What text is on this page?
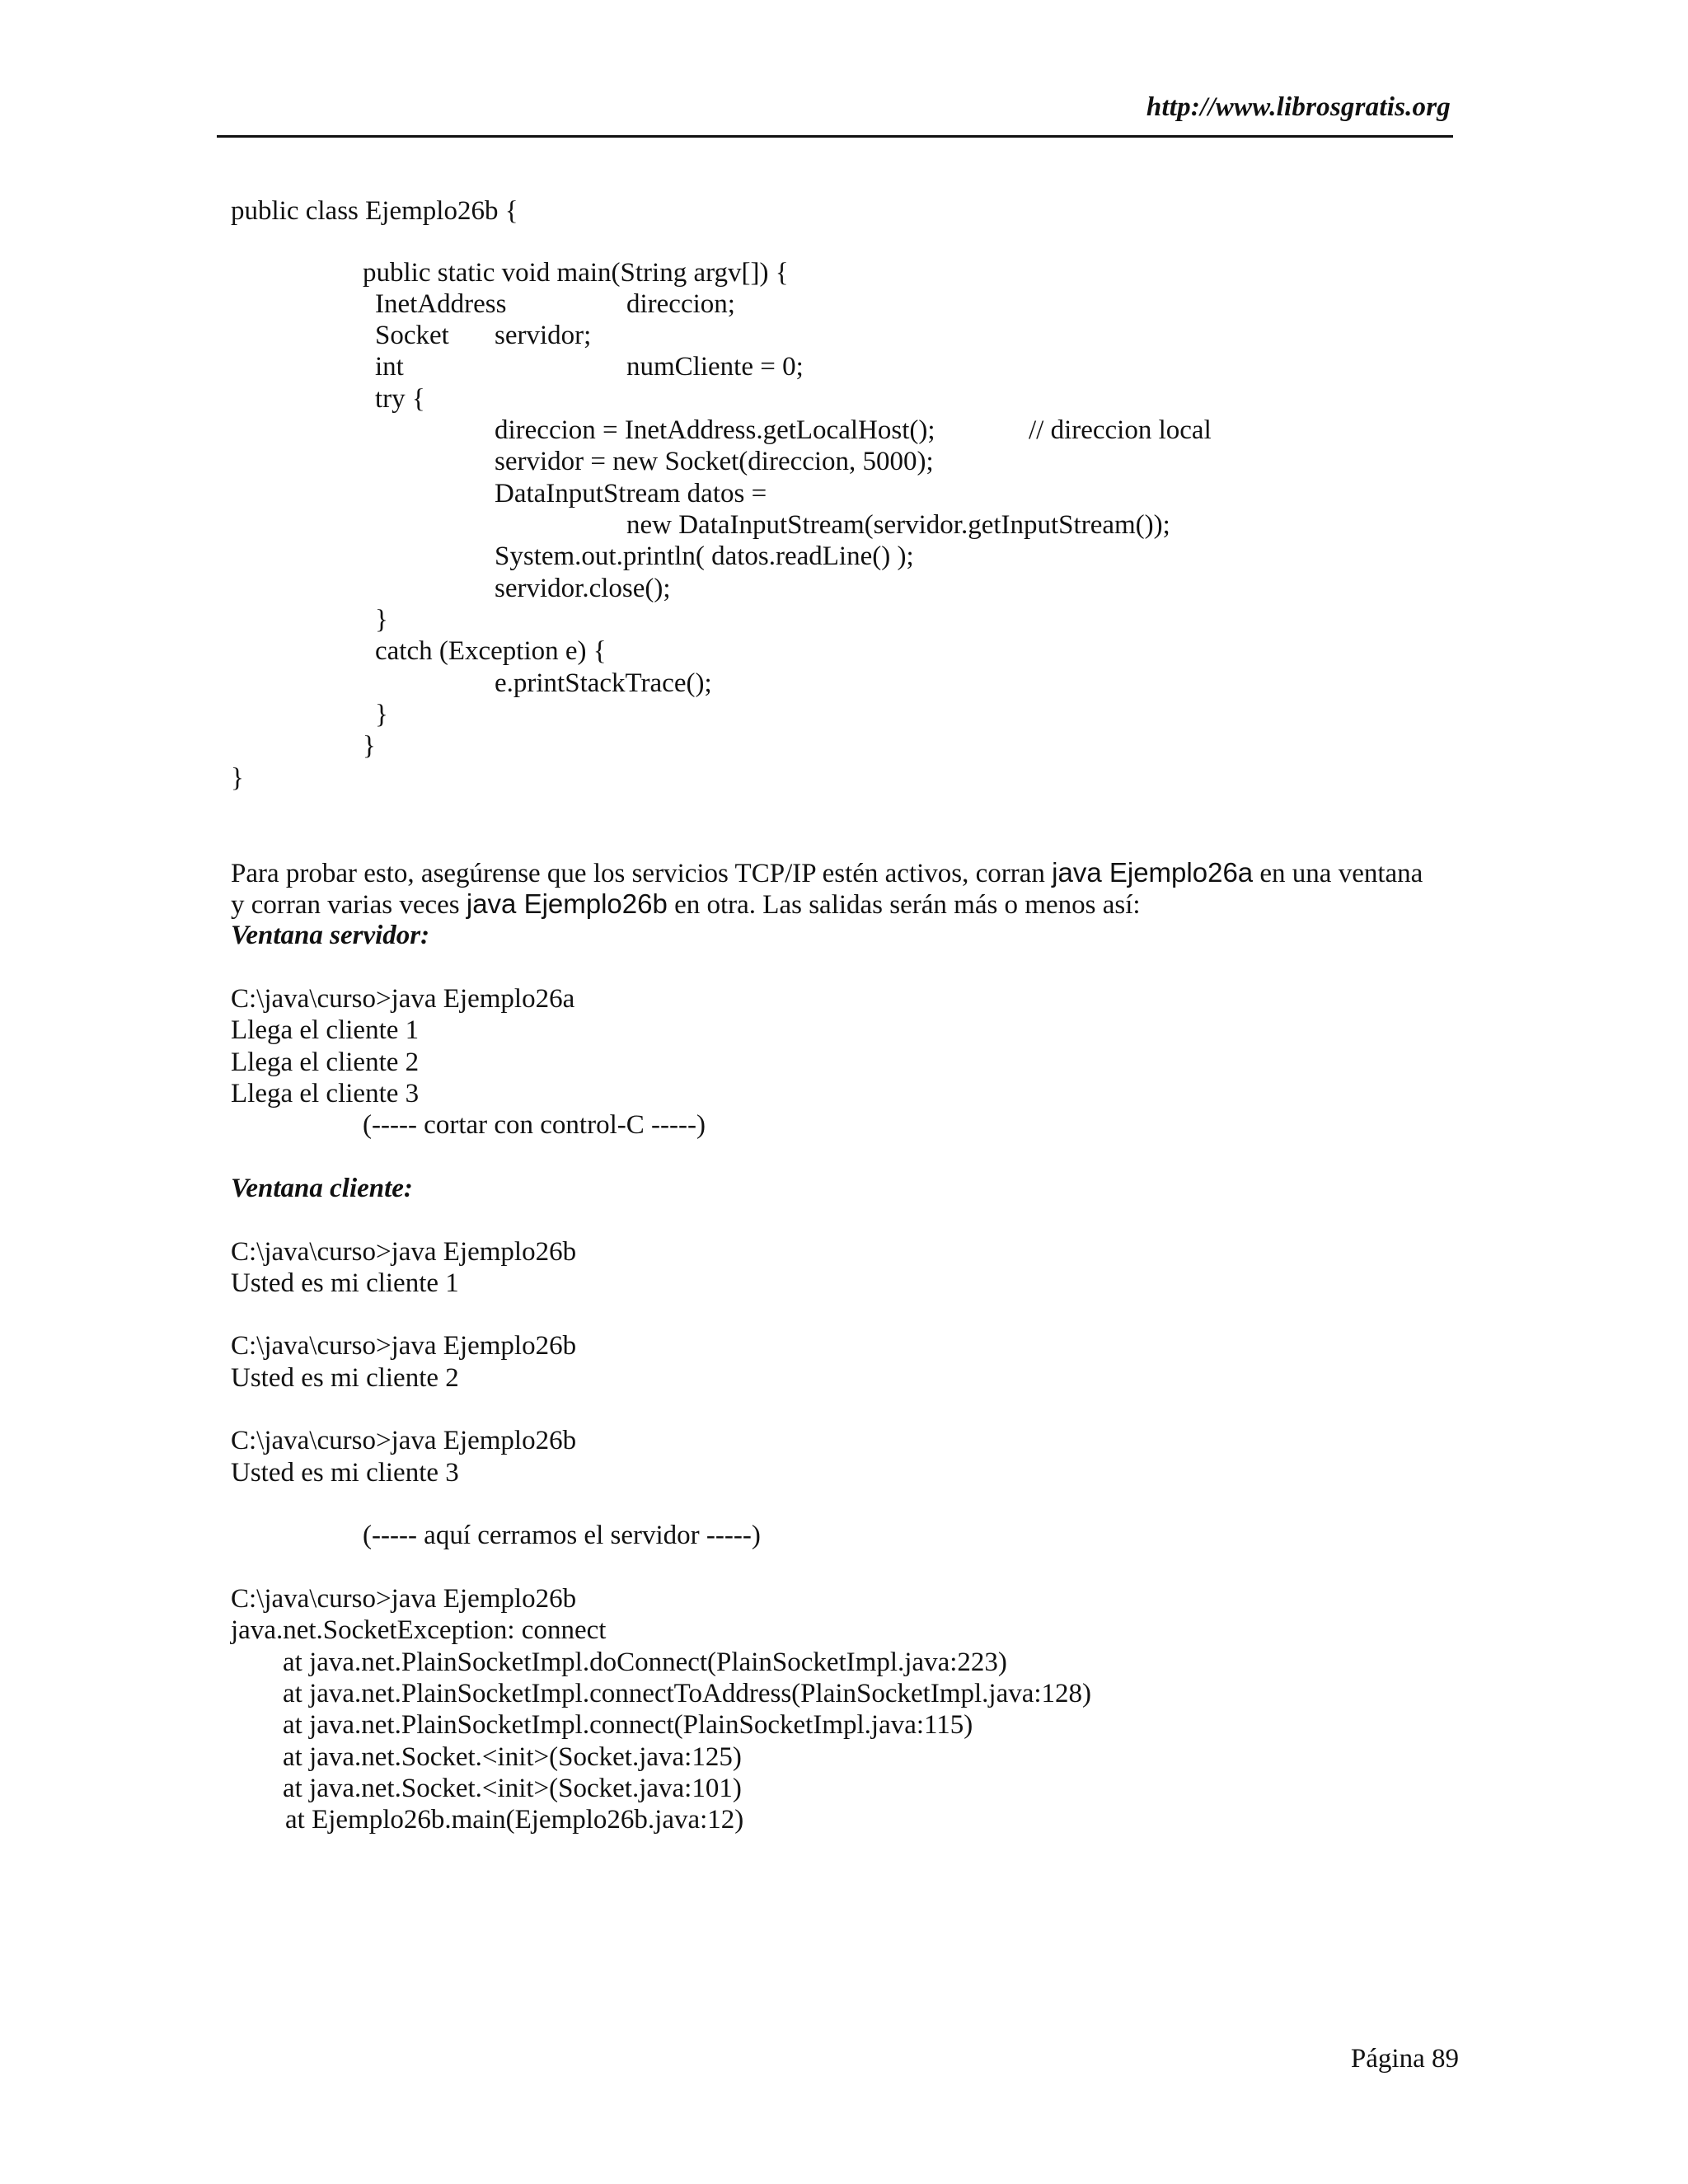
http://www.librosgratis.org
public class Ejemplo26b {
public static void main(String argv[]) {
InetAddress	direccion;
Socket servidor;
int	numCliente = 0;
try {
direccion = InetAddress.getLocalHost();	// direccion local
servidor = new Socket(direccion, 5000);
DataInputStream datos =
new DataInputStream(servidor.getInputStream());
System.out.println( datos.readLine() );
servidor.close();
}
catch (Exception e) {
e.printStackTrace();
}
}
}
Para probar esto, asegúrense que los servicios TCP/IP estén activos, corran java Ejemplo26a en una ventana
y corran varias veces java Ejemplo26b en otra. Las salidas serán más o menos así:
Ventana servidor:
C:\java\curso>java Ejemplo26a
Llega el cliente 1
Llega el cliente 2
Llega el cliente 3
(----- cortar con control-C -----)
Ventana cliente:
C:\java\curso>java Ejemplo26b
Usted es mi cliente 1
C:\java\curso>java Ejemplo26b
Usted es mi cliente 2
C:\java\curso>java Ejemplo26b
Usted es mi cliente 3
(----- aquí cerramos el servidor -----)
C:\java\curso>java Ejemplo26b
java.net.SocketException: connect
at java.net.PlainSocketImpl.doConnect(PlainSocketImpl.java:223)
at java.net.PlainSocketImpl.connectToAddress(PlainSocketImpl.java:128)
at java.net.PlainSocketImpl.connect(PlainSocketImpl.java:115)
at java.net.Socket.<init>(Socket.java:125)
at java.net.Socket.<init>(Socket.java:101)
at Ejemplo26b.main(Ejemplo26b.java:12)
Página 89
